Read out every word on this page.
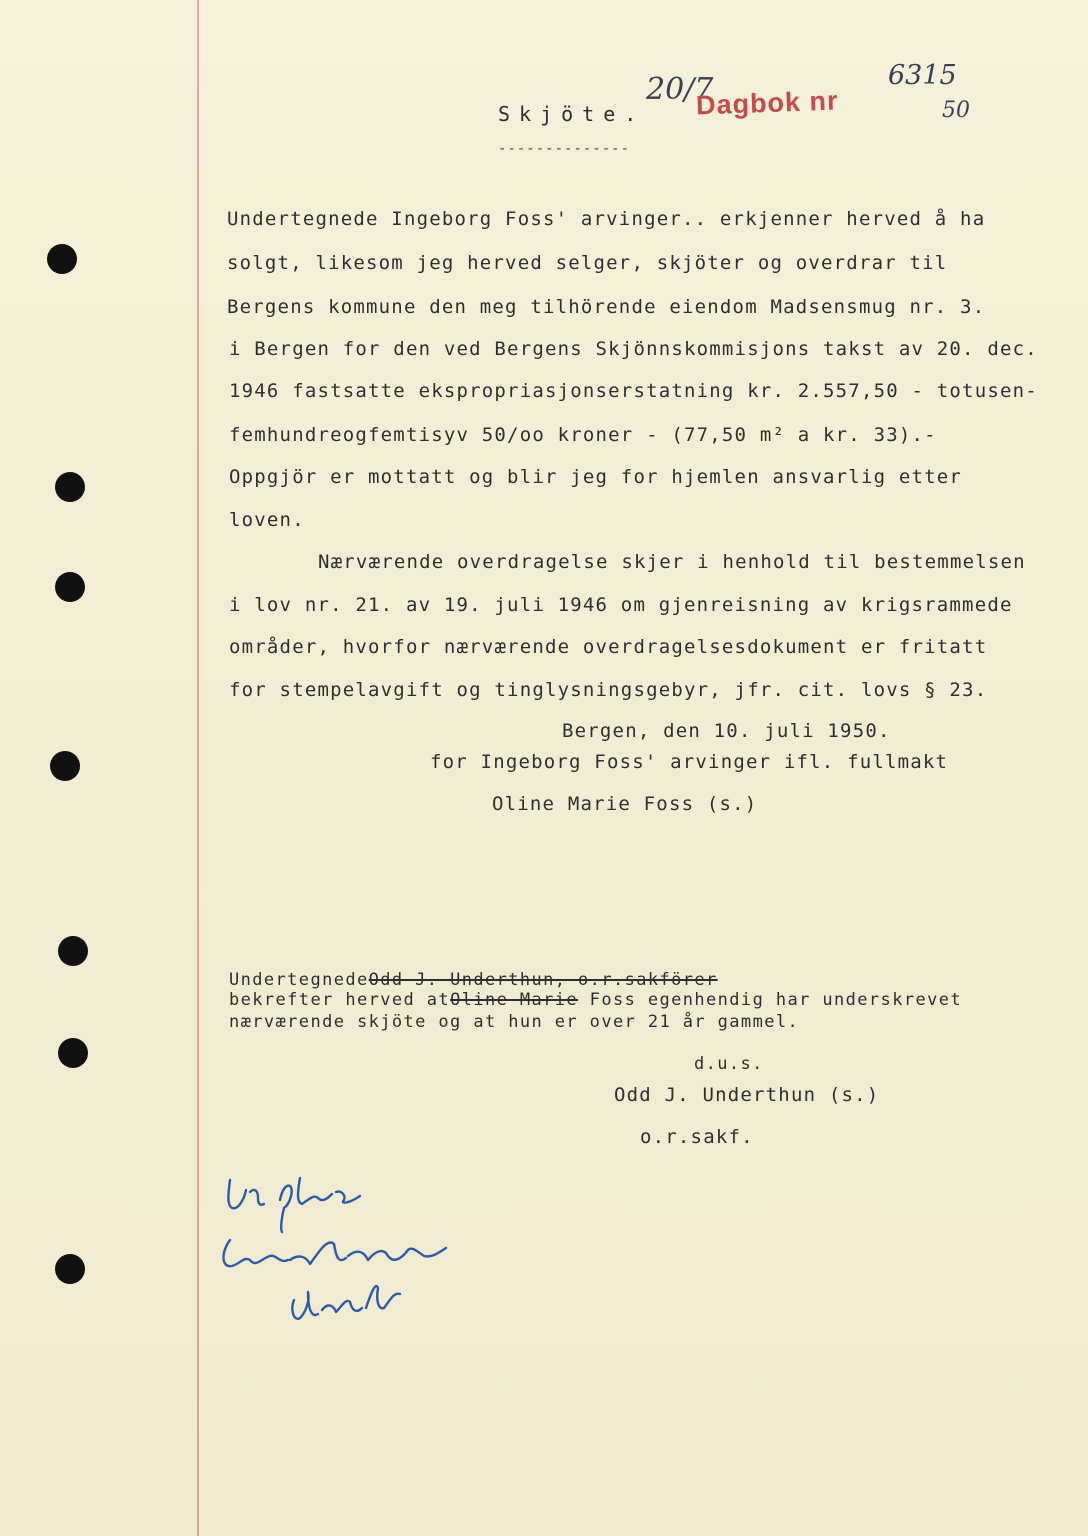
Skjöte.
--------------
20/7
Dagbok nr
6315
50
Undertegnede Ingeborg Foss' arvinger.. erkjenner herved å ha
solgt, likesom jeg herved selger, skjöter og overdrar til
Bergens kommune den meg tilhörende eiendom Madsensmug nr. 3.
i Bergen for den ved Bergens Skjönnskommisjons takst av 20. dec.
1946 fastsatte ekspropriasjonserstatning kr. 2.557,50 - totusen-
femhundreogfemtisyv 50/oo kroner - (77,50 m² a kr. 33).-
Oppgjör er mottatt og blir jeg for hjemlen ansvarlig etter
loven.
Nærværende overdragelse skjer i henhold til bestemmelsen
i lov nr. 21. av 19. juli 1946 om gjenreisning av krigsrammede
områder, hvorfor nærværende overdragelsesdokument er fritatt
for stempelavgift og tinglysningsgebyr, jfr. cit. lovs § 23.
Bergen, den 10. juli 1950.
for Ingeborg Foss' arvinger ifl. fullmakt
Oline Marie Foss (s.)
UndertegnedeOdd J. Underthun, o.r.sakförer
bekrefter herved atOline Marie Foss egenhendig har underskrevet
nærværende skjöte og at hun er over 21 år gammel.
d.u.s.
Odd J. Underthun (s.)
o.r.sakf.
